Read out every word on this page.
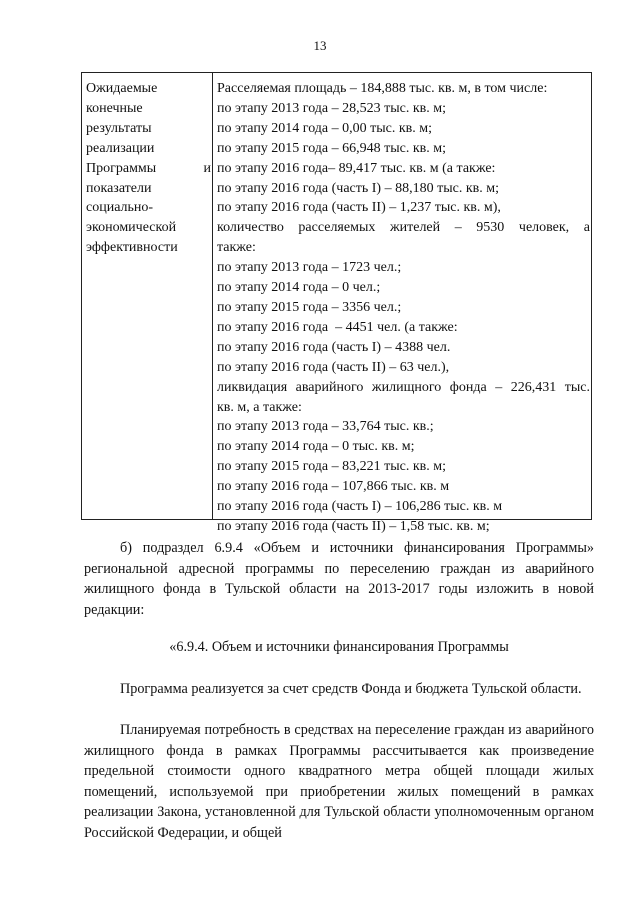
13
Ожидаемые
конечные
результаты
реализации
Программы	и
показатели
социально-
экономической
эффективности
Расселяемая площадь – 184,888 тыс. кв. м, в том числе:
по этапу 2013 года – 28,523 тыс. кв. м;
по этапу 2014 года – 0,00 тыс. кв. м;
по этапу 2015 года – 66,948 тыс. кв. м;
по этапу 2016 года– 89,417 тыс. кв. м (а также:
по этапу 2016 года (часть I) – 88,180 тыс. кв. м;
по этапу 2016 года (часть II) – 1,237 тыс. кв. м),
количество расселяемых жителей – 9530 человек, а
также:
по этапу 2013 года – 1723 чел.;
по этапу 2014 года – 0 чел.;
по этапу 2015 года – 3356 чел.;
по этапу 2016 года  – 4451 чел. (а также:
по этапу 2016 года (часть I) – 4388 чел.
по этапу 2016 года (часть II) – 63 чел.),
ликвидация аварийного жилищного фонда – 226,431 тыс.
кв. м, а также:
по этапу 2013 года – 33,764 тыс. кв.;
по этапу 2014 года – 0 тыс. кв. м;
по этапу 2015 года – 83,221 тыс. кв. м;
по этапу 2016 года – 107,866 тыс. кв. м
по этапу 2016 года (часть I) – 106,286 тыс. кв. м
по этапу 2016 года (часть II) – 1,58 тыс. кв. м;

б) подраздел 6.9.4 «Объем и источники финансирования Программы» региональной адресной программы по переселению граждан из аварийного жилищного фонда в Тульской области на 2013-2017 годы изложить в новой редакции:

«6.9.4. Объем и источники финансирования Программы

Программа реализуется за счет средств Фонда и бюджета Тульской области.

Планируемая потребность в средствах на переселение граждан из аварийного жилищного фонда в рамках Программы рассчитывается как произведение предельной стоимости одного квадратного метра общей площади жилых помещений, используемой при приобретении жилых помещений в рамках реализации Закона, установленной для Тульской области уполномоченным органом Российской Федерации, и общей
